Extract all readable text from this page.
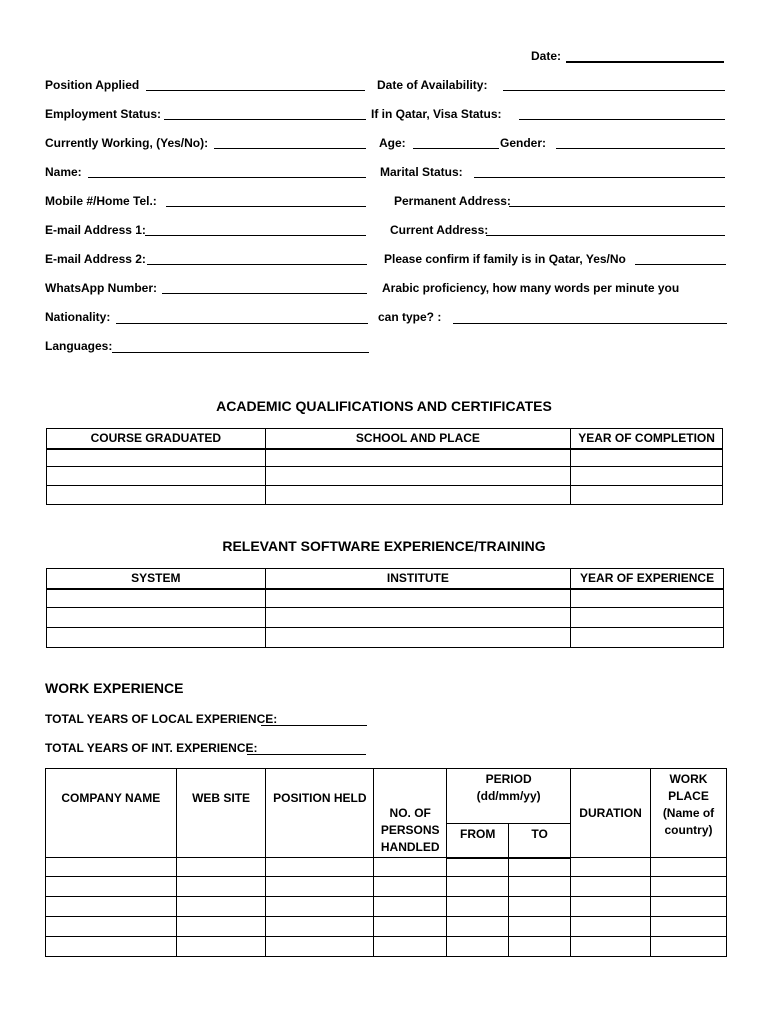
Date:
Position Applied
Employment Status:
Currently Working, (Yes/No):
Name:
Mobile #/Home Tel.:
E-mail Address 1:
E-mail Address 2:
WhatsApp Number:
Nationality:
Languages:
Date of Availability:
If in Qatar, Visa Status:
Age:	Gender:
Marital Status:
Permanent Address:
Current Address:
Please confirm if family is in Qatar, Yes/No
Arabic proficiency, how many words per minute you
can type? :
ACADEMIC QUALIFICATIONS AND CERTIFICATES
COURSE GRADUATED	SCHOOL AND PLACE	YEAR OF COMPLETION

RELEVANT SOFTWARE EXPERIENCE/TRAINING
SYSTEM	INSTITUTE	YEAR OF EXPERIENCE

WORK EXPERIENCE
TOTAL YEARS OF LOCAL EXPERIENCE:
TOTAL YEARS OF INT. EXPERIENCE:
COMPANY NAME	WEB SITE	POSITION HELD	NO. OF PERSONS HANDLED	PERIOD (dd/mm/yy)		DURATION	WORK PLACE (Name of country)
				FROM	TO		
